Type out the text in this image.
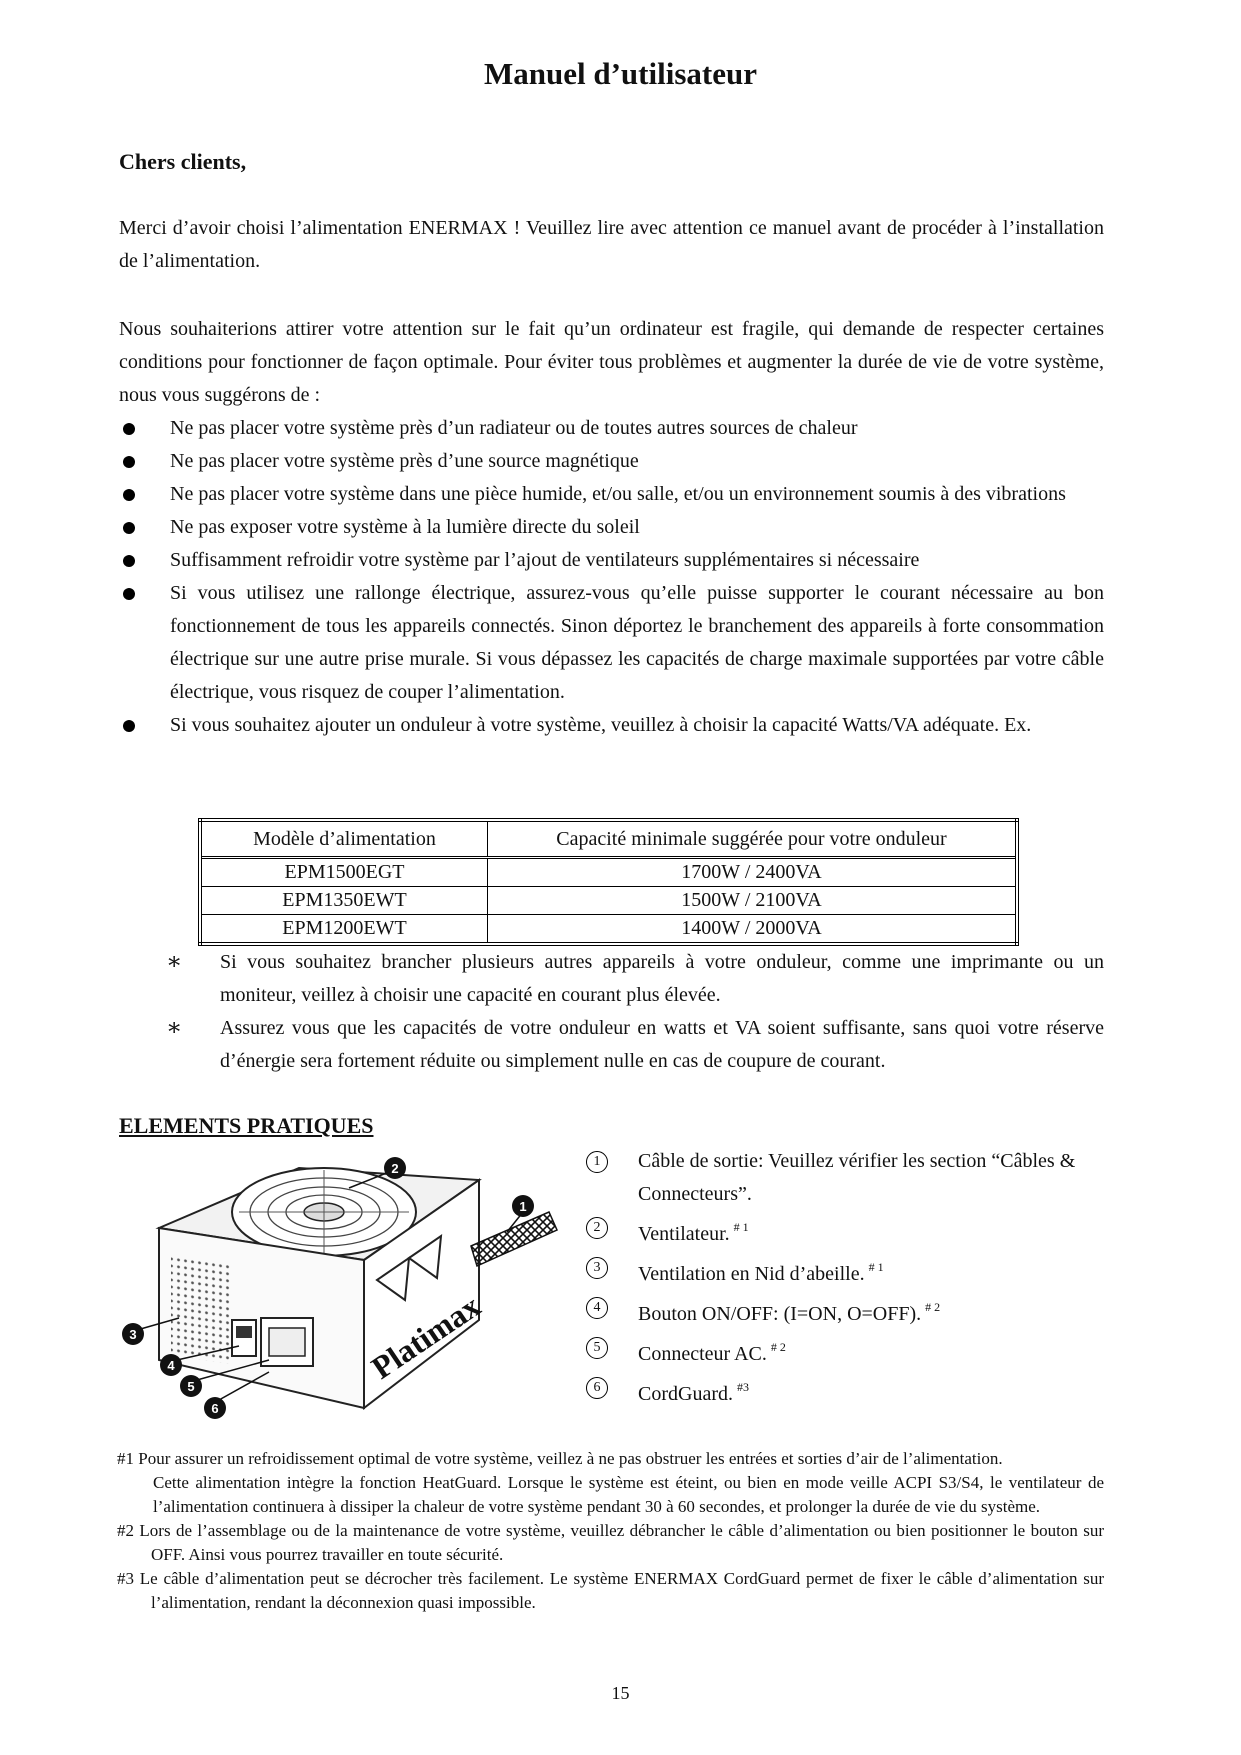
Manuel d’utilisateur

Chers clients,

Merci d’avoir choisi l’alimentation ENERMAX ! Veuillez lire avec attention ce manuel avant de procéder à l’installation de l’alimentation.

Nous souhaiterions attirer votre attention sur le fait qu’un ordinateur est fragile, qui demande de respecter certaines conditions pour fonctionner de façon optimale. Pour éviter tous problèmes et augmenter la durée de vie de votre système, nous vous suggérons de :

Ne pas placer votre système près d’un radiateur ou de toutes autres sources de chaleur
Ne pas placer votre système près d’une source magnétique
Ne pas placer votre système dans une pièce humide, et/ou salle, et/ou un environnement soumis à des vibrations
Ne pas exposer votre système à la lumière directe du soleil
Suffisamment refroidir votre système par l’ajout de ventilateurs supplémentaires si nécessaire
Si vous utilisez une rallonge électrique, assurez-vous qu’elle puisse supporter le courant nécessaire au bon fonctionnement de tous les appareils connectés. Sinon déportez le branchement des appareils à forte consommation électrique sur une autre prise murale. Si vous dépassez les capacités de charge maximale supportées par votre câble électrique, vous risquez de couper l’alimentation.
Si vous souhaitez ajouter un onduleur à votre système, veuillez à choisir la capacité Watts/VA adéquate. Ex.
Modèle d’alimentation	Capacité minimale suggérée pour votre onduleur
EPM1500EGT	1700W / 2400VA
EPM1350EWT	1500W / 2100VA
EPM1200EWT	1400W / 2000VA
∗ Si vous souhaitez brancher plusieurs autres appareils à votre onduleur, comme une imprimante ou un moniteur, veillez à choisir une capacité en courant plus élevée.
∗ Assurez vous que les capacités de votre onduleur en watts et VA soient suffisante, sans quoi votre réserve d’énergie sera fortement réduite ou simplement nulle en cas de coupure de courant.
ELEMENTS PRATIQUES
Platimax
1
2
3
4
5
6
1	Câble de sortie: Veuillez vérifier les section “Câbles & Connecteurs”.
2	Ventilateur. $^{\# 1}$
3	Ventilation en Nid d’abeille. $^{\# 1}$
4	Bouton ON/OFF: (I=ON, O=OFF). $^{\# 2}$
5	Connecteur AC. $^{\# 2}$
6	CordGuard. $^{\#3}$

#1 Pour assurer un refroidissement optimal de votre système, veillez à ne pas obstruer les entrées et sorties d’air de l’alimentation.

Cette alimentation intègre la fonction HeatGuard. Lorsque le système est éteint, ou bien en mode veille ACPI S3/S4, le ventilateur de l’alimentation continuera à dissiper la chaleur de votre système pendant 30 à 60 secondes, et prolonger la durée de vie du système.

#2 Lors de l’assemblage ou de la maintenance de votre système, veuillez débrancher le câble d’alimentation ou bien positionner le bouton sur OFF. Ainsi vous pourrez travailler en toute sécurité.

#3 Le câble d’alimentation peut se décrocher très facilement. Le système ENERMAX CordGuard permet de fixer le câble d’alimentation sur l’alimentation, rendant la déconnexion quasi impossible.

15
